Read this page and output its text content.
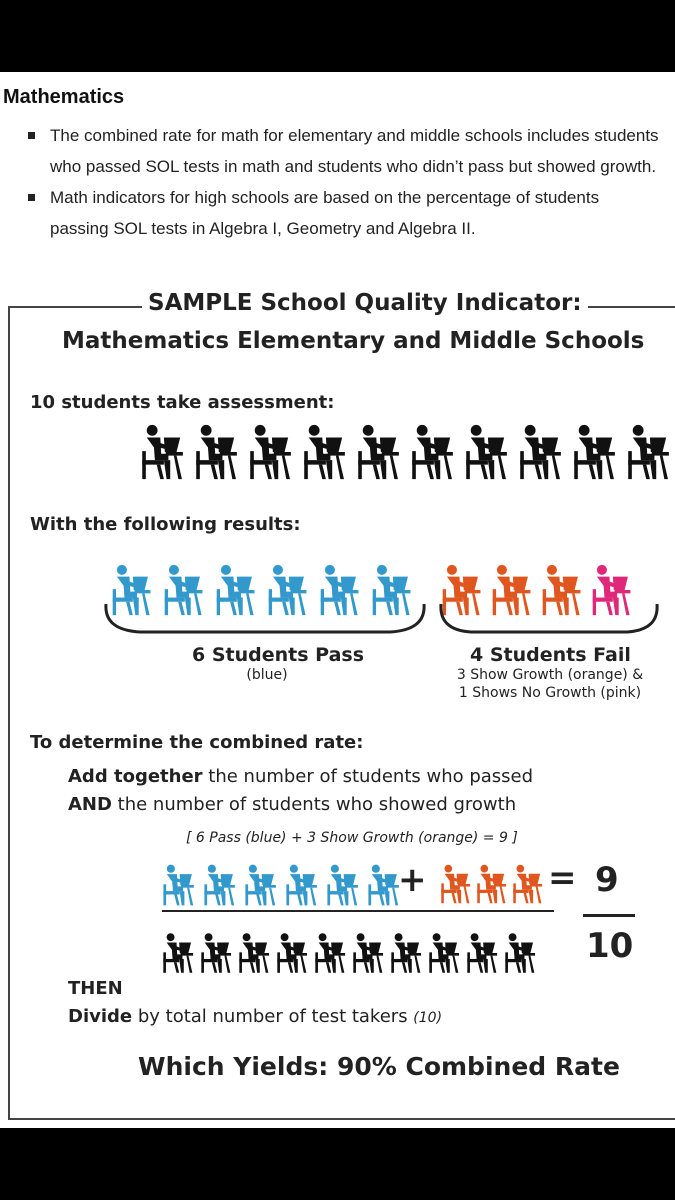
Mathematics
The combined rate for math for elementary and middle schools includes students who passed SOL tests in math and students who didn’t pass but showed growth.
Math indicators for high schools are based on the percentage of students passing SOL tests in Algebra I, Geometry and Algebra II.
SAMPLE School Quality Indicator:
Mathematics Elementary and Middle Schools
10 students take assessment:
With the following results:
6 Students Pass
(blue)
4 Students Fail
3 Show Growth (orange) &
1 Shows No Growth (pink)
To determine the combined rate:
Add together the number of students who passed
AND the number of students who showed growth
[ 6 Pass (blue) + 3 Show Growth (orange) = 9 ]
+	= 9
10
THEN
Divide by total number of test takers (10)
Which Yields: 90% Combined Rate
